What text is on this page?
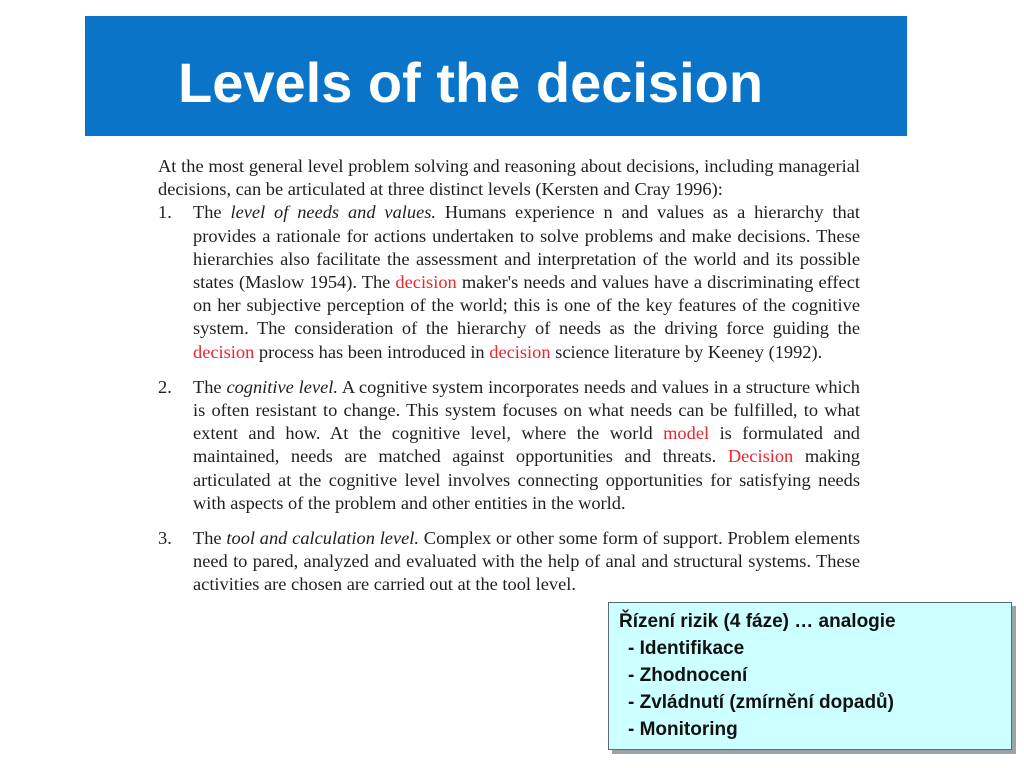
Levels of the decision

At the most general level problem solving and reasoning about decisions, including managerial decisions, can be articulated at three distinct levels (Kersten and Cray 1996):

1. The level of needs and values. Humans experience n and values as a hierarchy that provides a rationale for actions undertaken to solve problems and make decisions. These hierarchies also facilitate the assessment and interpretation of the world and its possible states (Maslow 1954). The decision maker's needs and values have a discriminating effect on her subjective perception of the world; this is one of the key features of the cognitive system. The consideration of the hierarchy of needs as the driving force guiding the decision process has been introduced in decision science literature by Keeney (1992).
2. The cognitive level. A cognitive system incorporates needs and values in a structure which is often resistant to change. This system focuses on what needs can be fulfilled, to what extent and how. At the cognitive level, where the world model is formulated and maintained, needs are matched against opportunities and threats. Decision making articulated at the cognitive level involves connecting opportunities for satisfying needs with aspects of the problem and other entities in the world.
3. The tool and calculation level. Complex or other some form of support. Problem elements need to pared, analyzed and evaluated with the help of anal and structural systems. These activities are chosen are carried out at the tool level.
Řízení rizik (4 fáze) … analogie
- Identifikace
- Zhodnocení
- Zvládnutí (zmírnění dopadů)
- Monitoring
